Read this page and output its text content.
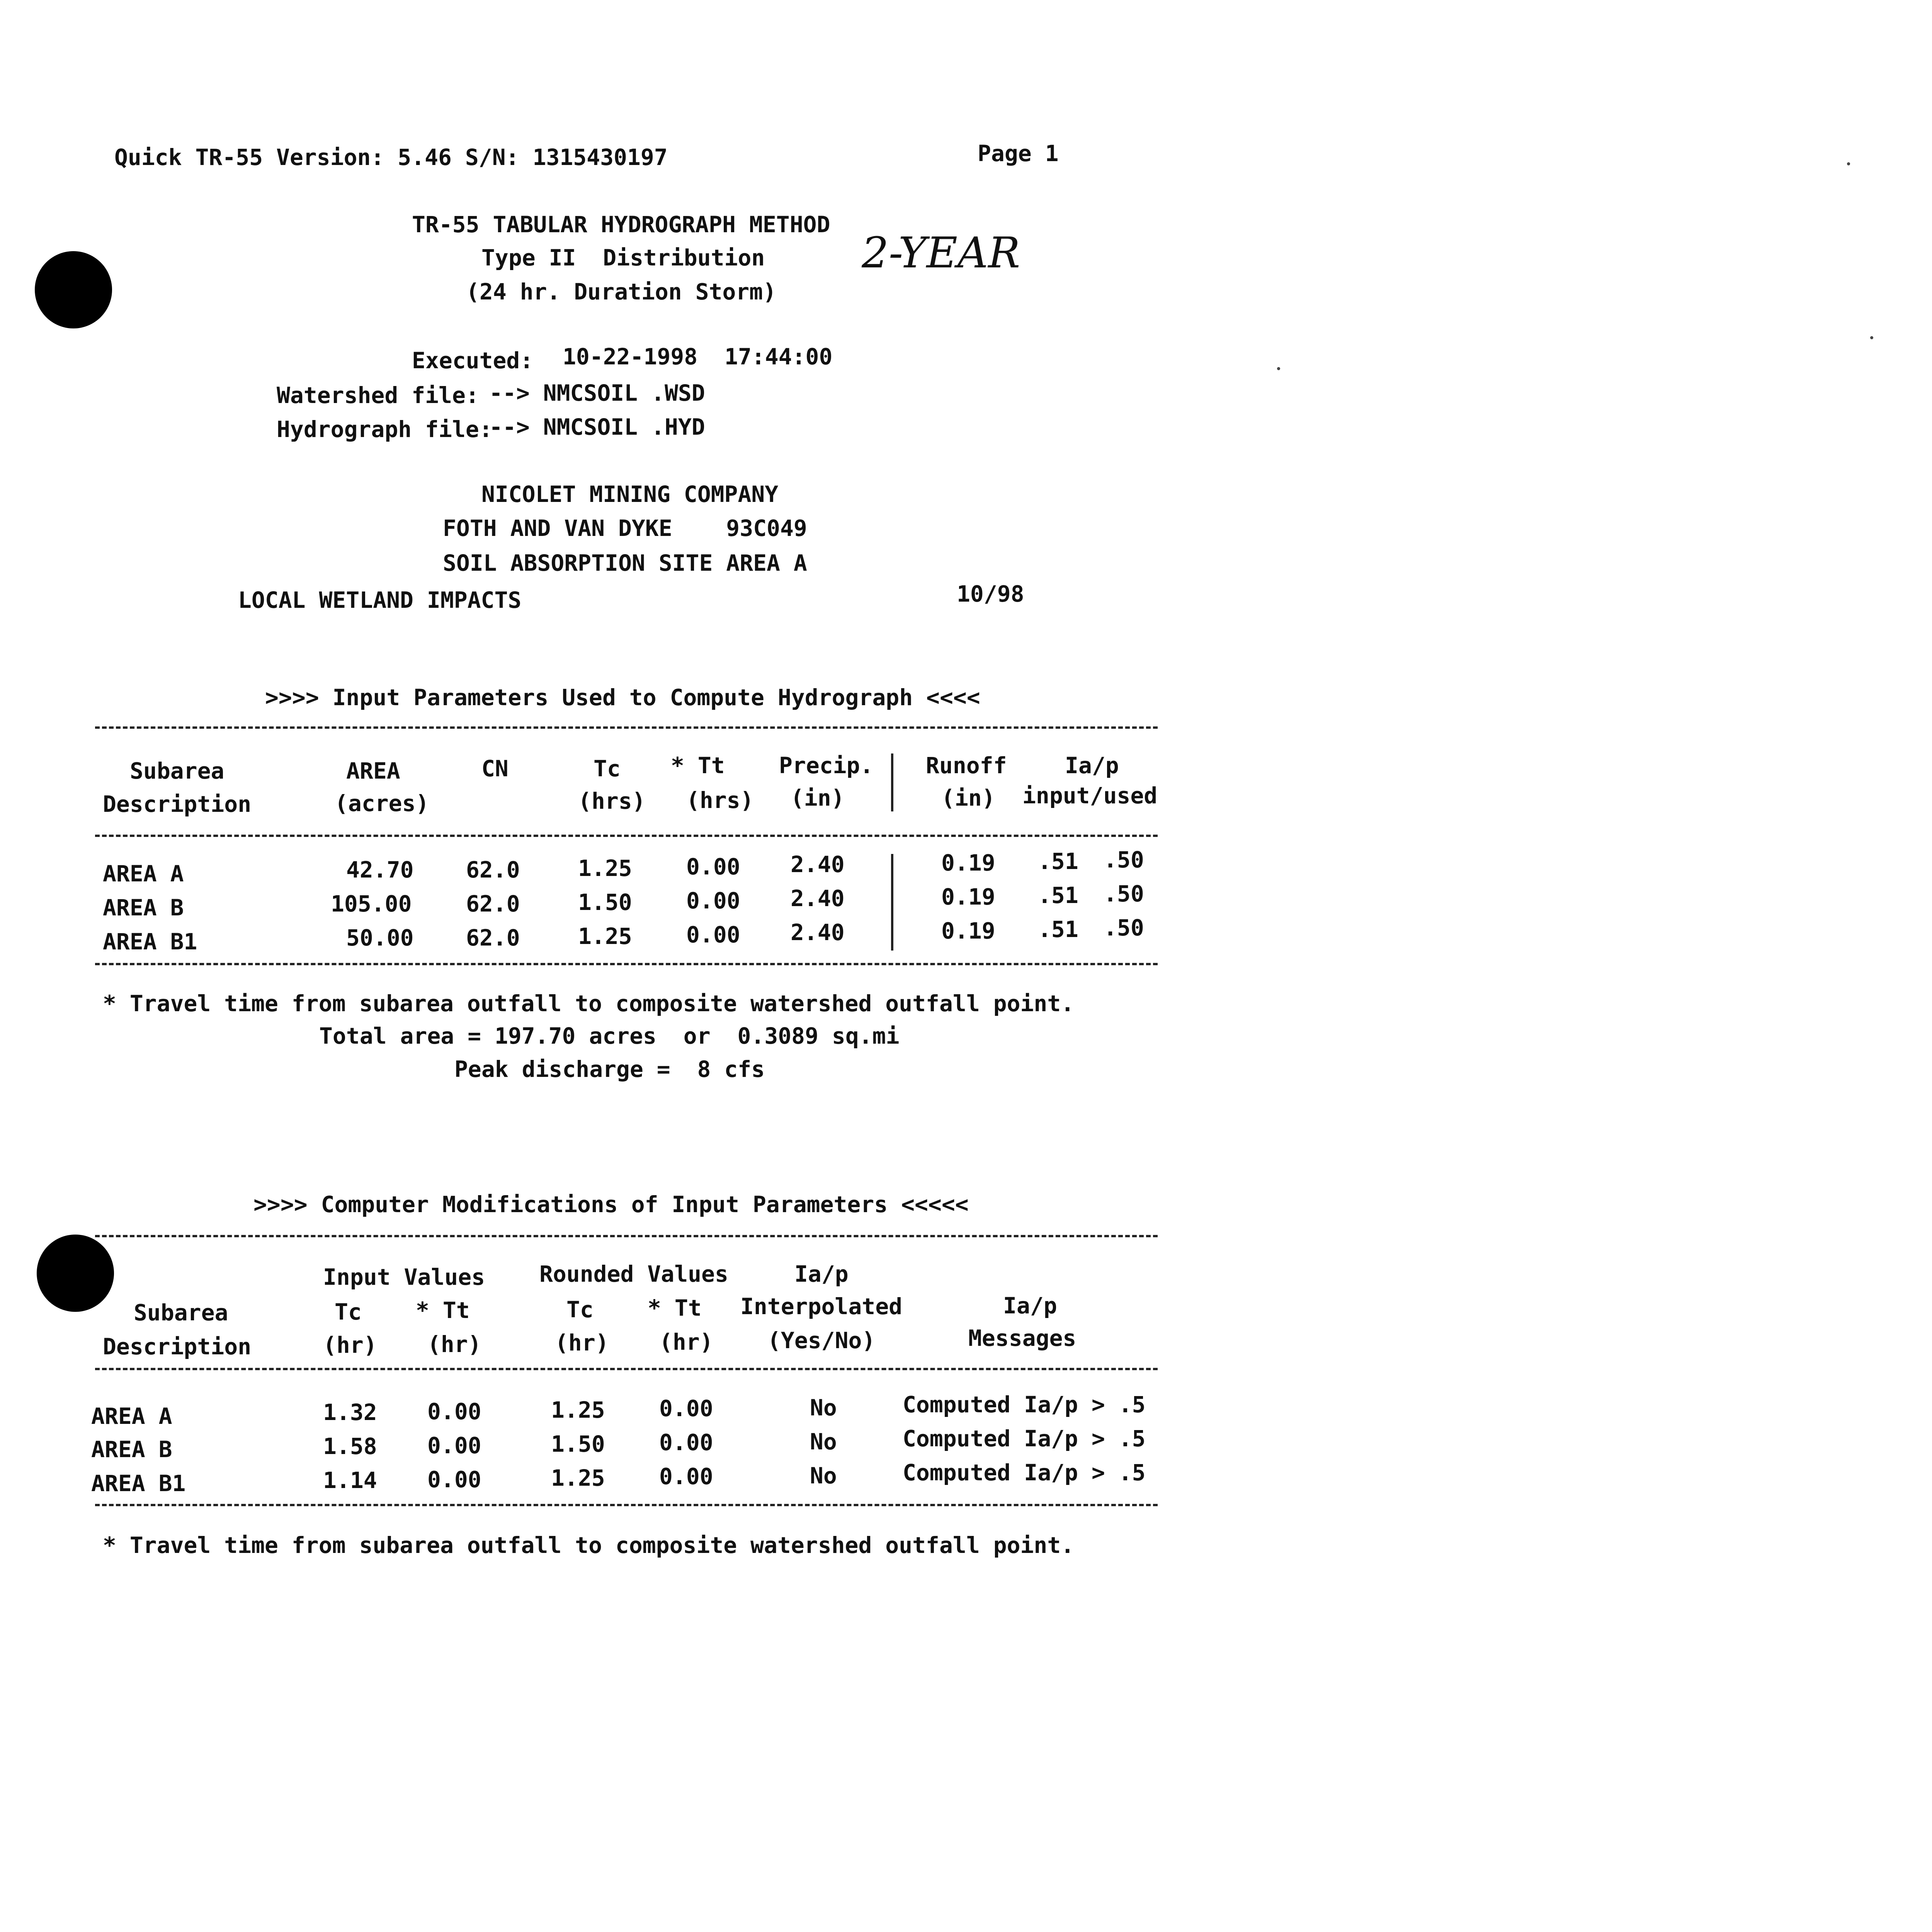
Quick TR-55 Version: 5.46 S/N: 1315430197	Page 1
TR-55 TABULAR HYDROGRAPH METHOD
Type II  Distribution 2-YEAR
(24 hr. Duration Storm)
Executed: 10-22-1998  17:44:00
Watershed file: --> NMCSOIL .WSD
Hydrograph file:
--> NMCSOIL .HYD
NICOLET MINING COMPANY
FOTH AND VAN DYKE    93C049
SOIL ABSORPTION SITE AREA A
LOCAL WETLAND IMPACTS	10/98
>>>> Input Parameters Used to Compute Hydrograph <<<<
Subarea	AREA	CN	Tc * Tt Precip. Runoff	Ia/p
Description	(acres)	(hrs) (hrs) (in)	(in) input/used
AREA A	42.70 62.0	1.25 0.00 2.40	0.19 .51 .50
AREA B	105.00 62.0	1.50 0.00 2.40	0.19 .51 .50
AREA B1	50.00 62.0	1.25 0.00 2.40	0.19 .51 .50
* Travel time from subarea outfall to composite watershed outfall point.
Total area = 197.70 acres  or  0.3089 sq.mi
Peak discharge =  8 cfs
>>>> Computer Modifications of Input Parameters <<<<<
Input Values Rounded Values	Ia/p
Subarea	Tc * Tt	Tc * Tt Interpolated	Ia/p
Description	(hr) (hr)	(hr) (hr) (Yes/No)	Messages
AREA A	1.32 0.00	1.25 0.00	No	Computed Ia/p > .5
AREA B	1.58 0.00	1.50 0.00	No	Computed Ia/p > .5
AREA B1	1.14 0.00	1.25 0.00	No	Computed Ia/p > .5
* Travel time from subarea outfall to composite watershed outfall point.
